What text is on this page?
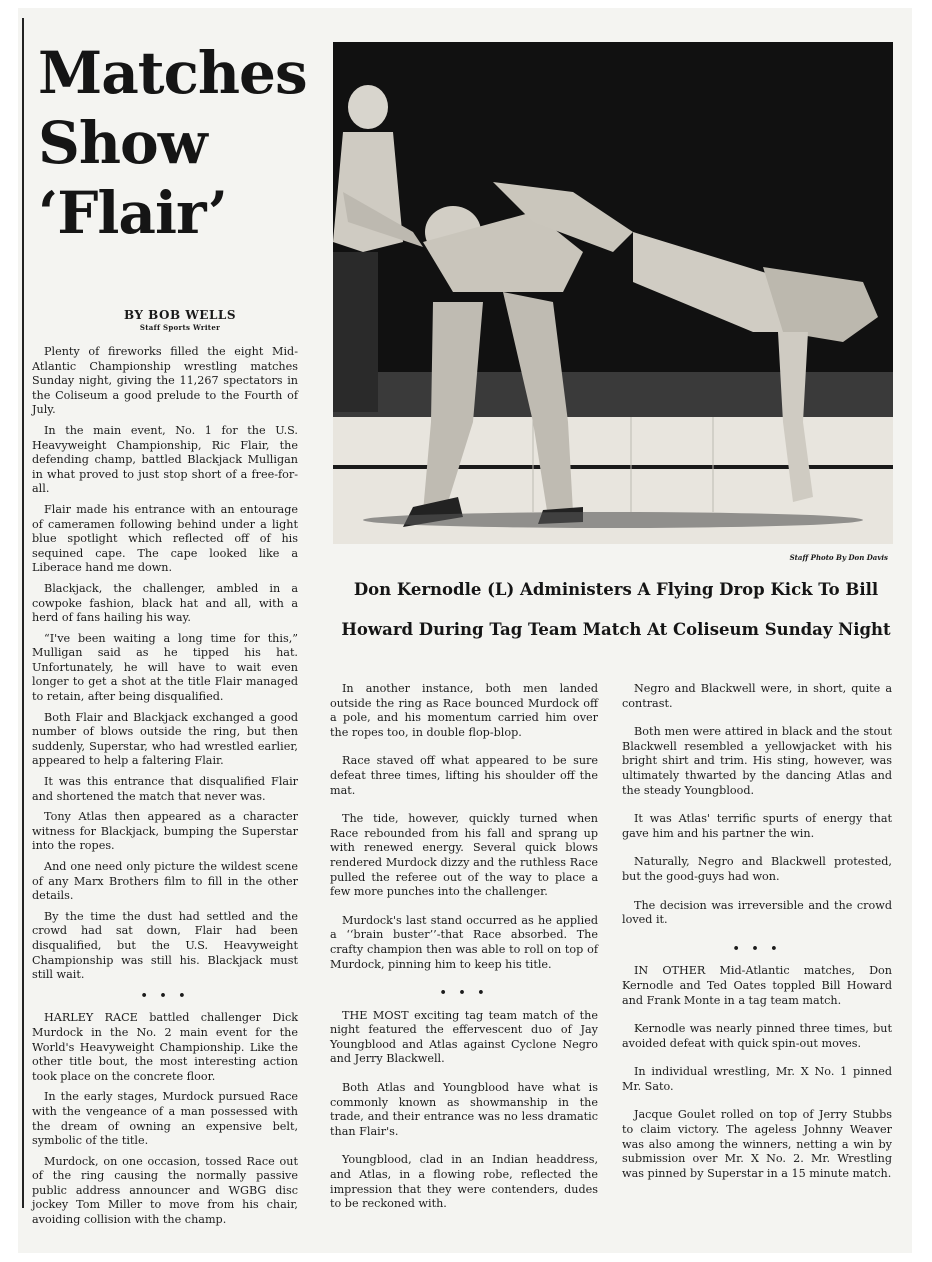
Matches
Show
‘Flair’
BY BOB WELLS
Staff Sports Writer

Plenty of fireworks filled the eight Mid-Atlantic Championship wrestling matches Sunday night, giving the 11,267 spectators in the Coliseum a good prelude to the Fourth of July.

In the main event, No. 1 for the U.S. Heavyweight Championship, Ric Flair, the defending champ, battled Blackjack Mulligan in what proved to just stop short of a free-for-all.

Flair made his entrance with an entourage of cameramen following behind under a light blue spotlight which reflected off of his sequined cape. The cape looked like a Liberace hand me down.

Blackjack, the challenger, ambled in a cowpoke fashion, black hat and all, with a herd of fans hailing his way.

“I've been waiting a long time for this,” Mulligan said as he tipped his hat. Unfortunately, he will have to wait even longer to get a shot at the title Flair managed to retain, after being disqualified.

Both Flair and Blackjack exchanged a good number of blows outside the ring, but then suddenly, Superstar, who had wrestled earlier, appeared to help a faltering Flair.

It was this entrance that disqualified Flair and shortened the match that never was.

Tony Atlas then appeared as a character witness for Blackjack, bumping the Superstar into the ropes.

And one need only picture the wildest scene of any Marx Brothers film to fill in the other details.

By the time the dust had settled and the crowd had sat down, Flair had been disqualified, but the U.S. Heavyweight Championship was still his. Blackjack must still wait.

• • •

HARLEY RACE battled challenger Dick Murdock in the No. 2 main event for the World's Heavyweight Championship. Like the other title bout, the most interesting action took place on the concrete floor.

In the early stages, Murdock pursued Race with the vengeance of a man possessed with the dream of owning an expensive belt, symbolic of the title.

Murdock, on one occasion, tossed Race out of the ring causing the normally passive public address announcer and WGBG disc jockey Tom Miller to move from his chair, avoiding collision with the champ.

In another instance, both men landed outside the ring as Race bounced Murdock off a pole, and his momentum carried him over the ropes too, in double flop-blop.

Race staved off what appeared to be sure defeat three times, lifting his shoulder off the mat.

The tide, however, quickly turned when Race rebounded from his fall and sprang up with renewed energy. Several quick blows rendered Murdock dizzy and the ruthless Race pulled the referee out of the way to place a few more punches into the challenger.

Murdock's last stand occurred as he applied a ‘‘brain buster’’-that Race absorbed. The crafty champion then was able to roll on top of Murdock, pinning him to keep his title.

• • •

THE MOST exciting tag team match of the night featured the effervescent duo of Jay Youngblood and Atlas against Cyclone Negro and Jerry Blackwell.

Both Atlas and Youngblood have what is commonly known as showmanship in the trade, and their entrance was no less dramatic than Flair's.

Youngblood, clad in an Indian headdress, and Atlas, in a flowing robe, reflected the impression that they were contenders, dudes to be reckoned with.

Negro and Blackwell were, in short, quite a contrast.

Both men were attired in black and the stout Blackwell resembled a yellowjacket with his bright shirt and trim. His sting, however, was ultimately thwarted by the dancing Atlas and the steady Youngblood.

It was Atlas' terrific spurts of energy that gave him and his partner the win.

Naturally, Negro and Blackwell protested, but the good-guys had won.

The decision was irreversible and the crowd loved it.

• • •

IN OTHER Mid-Atlantic matches, Don Kernodle and Ted Oates toppled Bill Howard and Frank Monte in a tag team match.

Kernodle was nearly pinned three times, but avoided defeat with quick spin-out moves.

In individual wrestling, Mr. X No. 1 pinned Mr. Sato.

Jacque Goulet rolled on top of Jerry Stubbs to claim victory. The ageless Johnny Weaver was also among the winners, netting a win by submission over Mr. X No. 2. Mr. Wrestling was pinned by Superstar in a 15 minute match.

Staff Photo By Don Davis
Don Kernodle (L) Administers A Flying Drop Kick To Bill
Howard During Tag Team Match At Coliseum Sunday Night
